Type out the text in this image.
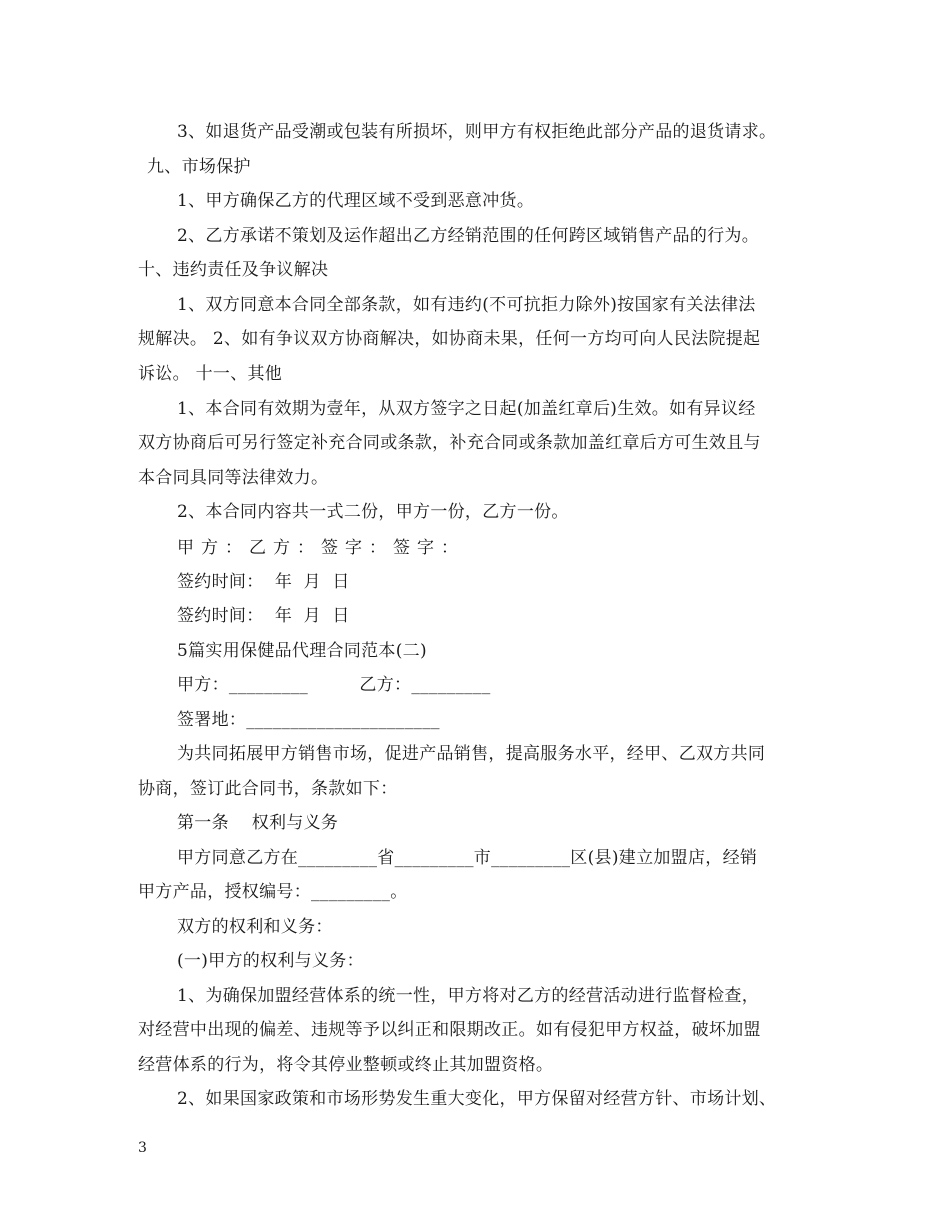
3、如退货产品受潮或包装有所损坏，则甲方有权拒绝此部分产品的退货请求。
九、市场保护
1、甲方确保乙方的代理区域不受到恶意冲货。
2、乙方承诺不策划及运作超出乙方经销范围的任何跨区域销售产品的行为。
十、违约责任及争议解决
1、双方同意本合同全部条款，如有违约(不可抗拒力除外)按国家有关法律法
规解决。 2、如有争议双方协商解决，如协商未果，任何一方均可向人民法院提起
诉讼。 十一、其他
1、本合同有效期为壹年，从双方签字之日起(加盖红章后)生效。如有异议经
双方协商后可另行签定补充合同或条款，补充合同或条款加盖红章后方可生效且与
本合同具同等法律效力。
2、本合同内容共一式二份，甲方一份，乙方一份。
甲方：乙方：签字：签字：
签约时间：  年  月  日
签约时间：  年  月  日
5篇实用保健品代理合同范本(二)
甲方：_________         乙方：_________
签署地：______________________
为共同拓展甲方销售市场，促进产品销售，提高服务水平，经甲、乙双方共同
协商，签订此合同书，条款如下：
第一条    权利与义务
甲方同意乙方在_________省_________市_________区(县)建立加盟店，经销
甲方产品，授权编号：_________。
双方的权利和义务：
(一)甲方的权利与义务：
1、为确保加盟经营体系的统一性，甲方将对乙方的经营活动进行监督检查，
对经营中出现的偏差、违规等予以纠正和限期改正。如有侵犯甲方权益，破坏加盟
经营体系的行为，将令其停业整顿或终止其加盟资格。
2、如果国家政策和市场形势发生重大变化，甲方保留对经营方针、市场计划、
3
